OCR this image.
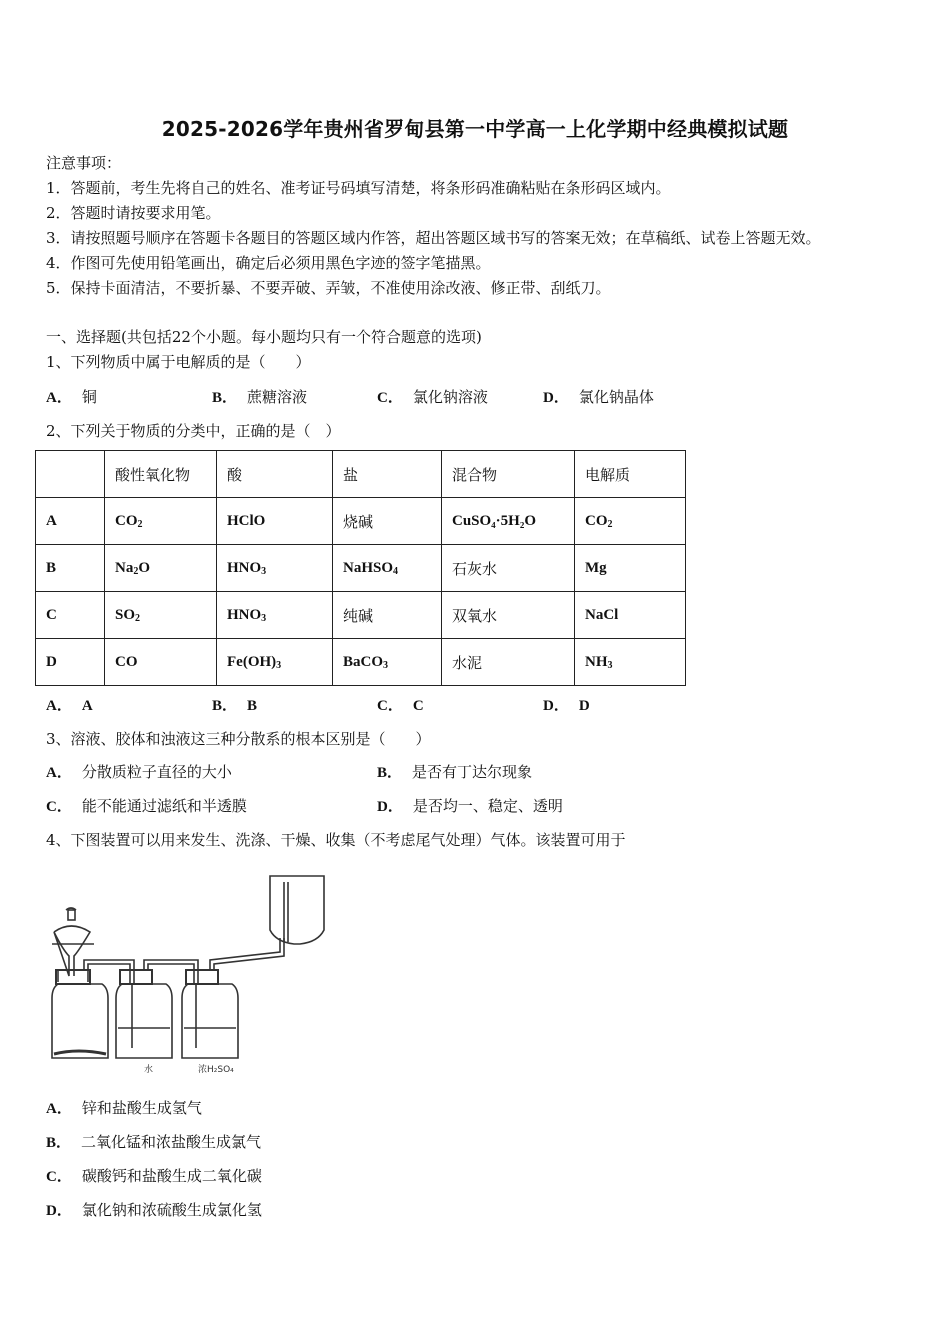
2025-2026学年贵州省罗甸县第一中学高一上化学期中经典模拟试题
注意事项：
1．答题前，考生先将自己的姓名、准考证号码填写清楚，将条形码准确粘贴在条形码区域内。
2．答题时请按要求用笔。
3．请按照题号顺序在答题卡各题目的答题区域内作答，超出答题区域书写的答案无效；在草稿纸、试卷上答题无效。
4．作图可先使用铅笔画出，确定后必须用黑色字迹的签字笔描黑。
5．保持卡面清洁，不要折暴、不要弄破、弄皱，不准使用涂改液、修正带、刮纸刀。
一、选择题(共包括22个小题。每小题均只有一个符合题意的选项)
1、下列物质中属于电解质的是（　　）
A． 铜	B． 蔗糖溶液	C． 氯化钠溶液	D． 氯化钠晶体
2、下列关于物质的分类中，正确的是（　）
	酸性氧化物	酸	盐	混合物	电解质
A	$CO_2$	HClO	烧碱	CuSO₄·5H₂O	$CO_2$
B	$Na_2O$	$HNO_3$	NaHSO$_4$	石灰水	Mg
C	$SO_2$	$HNO_3$	纯碱	双氧水	NaCl
D	CO	$Fe(OH)_3$	BaCO$_3$	水泥	$NH_3$
A． A	B． B	C． C	D． D
3、溶液、胶体和浊液这三种分散系的根本区别是（　　）
A． 分散质粒子直径的大小	B． 是否有丁达尔现象
C． 能不能通过滤纸和半透膜	D． 是否均一、稳定、透明
4、下图装置可以用来发生、洗涤、干燥、收集（不考虑尾气处理）气体。该装置可用于
水	浓H₂SO₄
A． 锌和盐酸生成氢气
B． 二氧化锰和浓盐酸生成氯气
C． 碳酸钙和盐酸生成二氧化碳
D． 氯化钠和浓硫酸生成氯化氢
